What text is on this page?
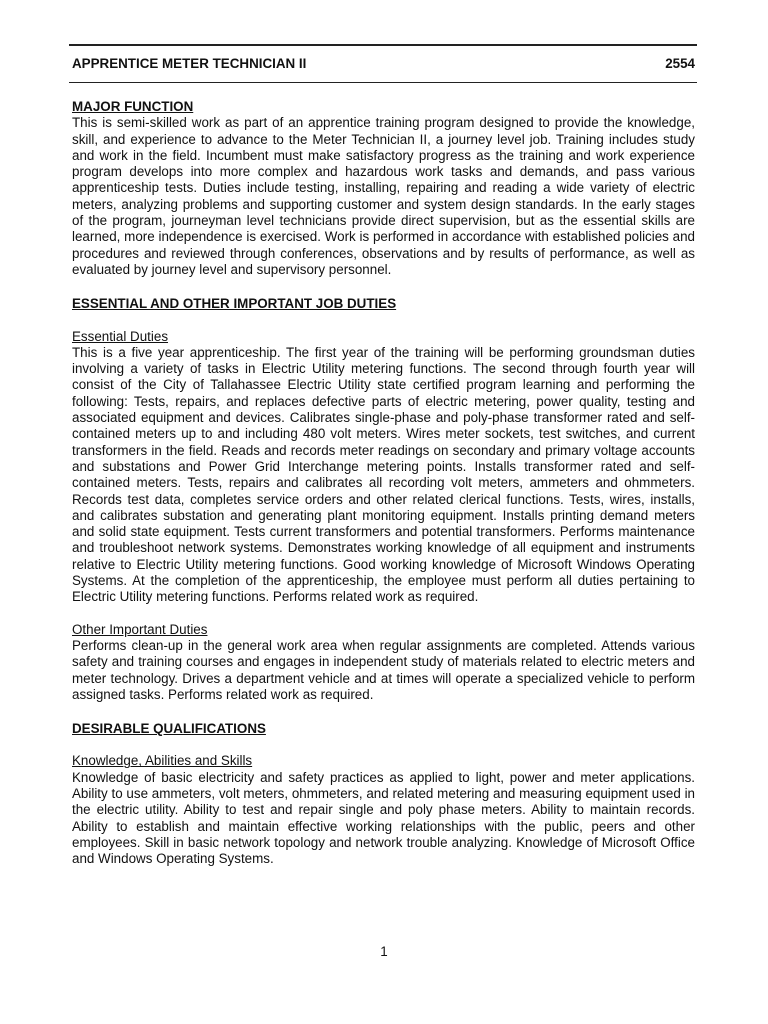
APPRENTICE METER TECHNICIAN II	2554

MAJOR FUNCTION

This is semi-skilled work as part of an apprentice training program designed to provide the knowledge, skill, and experience to advance to the Meter Technician II, a journey level job. Training includes study and work in the field. Incumbent must make satisfactory progress as the training and work experience program develops into more complex and hazardous work tasks and demands, and pass various apprenticeship tests. Duties include testing, installing, repairing and reading a wide variety of electric meters, analyzing problems and supporting customer and system design standards. In the early stages of the program, journeyman level technicians provide direct supervision, but as the essential skills are learned, more independence is exercised. Work is performed in accordance with established policies and procedures and reviewed through conferences, observations and by results of performance, as well as evaluated by journey level and supervisory personnel.

ESSENTIAL AND OTHER IMPORTANT JOB DUTIES

Essential Duties

This is a five year apprenticeship. The first year of the training will be performing groundsman duties involving a variety of tasks in Electric Utility metering functions. The second through fourth year will consist of the City of Tallahassee Electric Utility state certified program learning and performing the following: Tests, repairs, and replaces defective parts of electric metering, power quality, testing and associated equipment and devices. Calibrates single-phase and poly-phase transformer rated and self-contained meters up to and including 480 volt meters. Wires meter sockets, test switches, and current transformers in the field. Reads and records meter readings on secondary and primary voltage accounts and substations and Power Grid Interchange metering points. Installs transformer rated and self-contained meters. Tests, repairs and calibrates all recording volt meters, ammeters and ohmmeters. Records test data, completes service orders and other related clerical functions. Tests, wires, installs, and calibrates substation and generating plant monitoring equipment. Installs printing demand meters and solid state equipment. Tests current transformers and potential transformers. Performs maintenance and troubleshoot network systems. Demonstrates working knowledge of all equipment and instruments relative to Electric Utility metering functions. Good working knowledge of Microsoft Windows Operating Systems. At the completion of the apprenticeship, the employee must perform all duties pertaining to Electric Utility metering functions. Performs related work as required.

Other Important Duties

Performs clean-up in the general work area when regular assignments are completed. Attends various safety and training courses and engages in independent study of materials related to electric meters and meter technology. Drives a department vehicle and at times will operate a specialized vehicle to perform assigned tasks. Performs related work as required.

DESIRABLE QUALIFICATIONS

Knowledge, Abilities and Skills

Knowledge of basic electricity and safety practices as applied to light, power and meter applications. Ability to use ammeters, volt meters, ohmmeters, and related metering and measuring equipment used in the electric utility. Ability to test and repair single and poly phase meters. Ability to maintain records. Ability to establish and maintain effective working relationships with the public, peers and other employees. Skill in basic network topology and network trouble analyzing. Knowledge of Microsoft Office and Windows Operating Systems.

1
